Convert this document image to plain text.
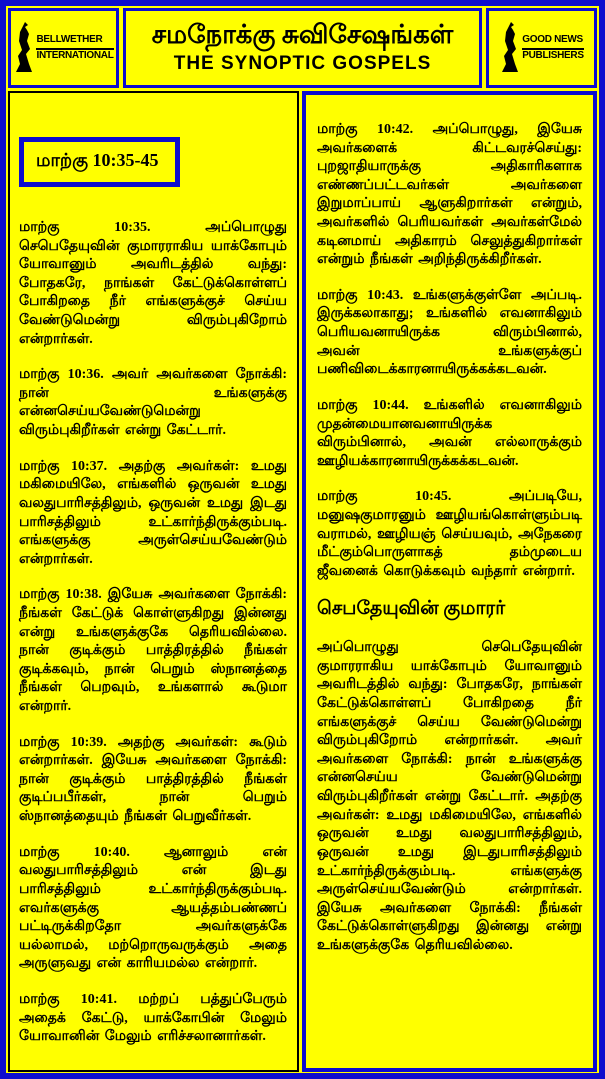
BELLWETHER
INTERNATIONAL
சமநோக்கு சுவிசேஷங்கள்
THE SYNOPTIC GOSPELS
GOOD NEWS
PUBLISHERS
மாற்கு 10:35-45

மாற்கு 10:35. அப்பொழுது செபெதேயுவின் குமாரராகிய யாக்கோபும் யோவானும் அவரிடத்தில் வந்து: போதகரே, நாங்கள் கேட்டுக்கொள்ளப் போகிறதை நீர் எங்களுக்குச் செய்ய வேண்டுமென்று விரும்புகிறோம் என்றார்கள்.

மாற்கு 10:36. அவர் அவர்களை நோக்கி: நான் உங்களுக்கு என்னசெய்யவேண்டுமென்று விரும்புகிறீர்கள் என்று கேட்டார்.

மாற்கு 10:37. அதற்கு அவர்கள்: உமது மகிமையிலே, எங்களில் ஒருவன் உமது வலதுபாரிசத்திலும், ஒருவன் உமது இடது பாரிசத்திலும் உட்கார்ந்திருக்கும்படி. எங்களுக்கு அருள்செய்யவேண்டும் என்றார்கள்.

மாற்கு 10:38. இயேசு அவர்களை நோக்கி: நீங்கள் கேட்டுக் கொள்ளுகிறது இன்னது என்று உங்களுக்குகே தெரியவில்லை. நான் குடிக்கும் பாத்திரத்தில் நீங்கள் குடிக்கவும், நான் பெறும் ஸ்நானத்தை நீங்கள் பெறவும், உங்களால் கூடுமா என்றார்.

மாற்கு 10:39. அதற்கு அவர்கள்: கூடும் என்றார்கள். இயேசு அவர்களை நோக்கி: நான் குடிக்கும் பாத்திரத்தில் நீங்கள் குடிப்பபீர்கள், நான் பெறும் ஸ்நானத்தையும் நீங்கள் பெறுவீர்கள்.

மாற்கு 10:40. ஆனாலும் என் வலதுபாரிசத்திலும் என் இடது பாரிசத்திலும் உட்கார்ந்திருக்கும்படி. எவர்களுக்கு ஆயத்தம்பண்ணப் பட்டிருக்கிறதோ அவர்களுக்கே யல்லாமல், மற்றொருவருக்கும் அதை அருளுவது என் காரியமல்ல என்றார்.

மாற்கு 10:41. மற்றப் பத்துப்பேரும் அதைக் கேட்டு, யாக்கோபின் மேலும் யோவானின் மேலும் எரிச்சலானார்கள்.

மாற்கு 10:42. அப்பொழுது, இயேசு அவர்களைக் கிட்டவரச்செய்து: புறஜாதியாருக்கு அதிகாரிகளாக எண்ணப்பட்டவர்கள் அவர்களை இறுமாப்பாய் ஆளுகிறார்கள் என்றும், அவர்களில் பெரியவர்கள் அவர்கள்மேல் கடினமாய் அதிகாரம் செலுத்துகிறார்கள் என்றும் நீங்கள் அறிந்திருக்கிறீர்கள்.

மாற்கு 10:43. உங்களுக்குள்ளே அப்படி. இருக்கலாகாது; உங்களில் எவனாகிலும் பெரியவனாயிருக்க விரும்பினால், அவன் உங்களுக்குப் பணிவிடைக்காரனாயிருக்கக்கடவன்.

மாற்கு 10:44. உங்களில் எவனாகிலும் முதன்மையானவனாயிருக்க விரும்பினால், அவன் எல்லாருக்கும் ஊழியக்காரனாயிருக்கக்கடவன்.

மாற்கு 10:45. அப்படியே, மனுஷகுமாரனும் ஊழியங்கொள்ளும்படி வராமல், ஊழியஞ் செய்யவும், அநேகரை மீட்கும்பொருளாகத் தம்முடைய ஜீவனைக் கொடுக்கவும் வந்தார் என்றார்.

செபதேயுவின் குமாரர்

அப்பொழுது செபெதேயுவின் குமாரராகிய யாக்கோபும் யோவானும் அவரிடத்தில் வந்து: போதகரே, நாங்கள் கேட்டுக்கொள்ளப் போகிறதை நீர் எங்களுக்குச் செய்ய வேண்டுமென்று விரும்புகிறோம் என்றார்கள். அவர் அவர்களை நோக்கி: நான் உங்களுக்கு என்னசெய்ய வேண்டுமென்று விரும்புகிறீர்கள் என்று கேட்டார். அதற்கு அவர்கள்: உமது மகிமையிலே, எங்களில் ஒருவன் உமது வலதுபாரிசத்திலும், ஒருவன் உமது இடதுபாரிசத்திலும் உட்கார்ந்திருக்கும்படி. எங்களுக்கு அருள்செய்யவேண்டும் என்றார்கள். இயேசு அவர்களை நோக்கி: நீங்கள் கேட்டுக்கொள்ளுகிறது இன்னது என்று உங்களுக்குகே தெரியவில்லை.
